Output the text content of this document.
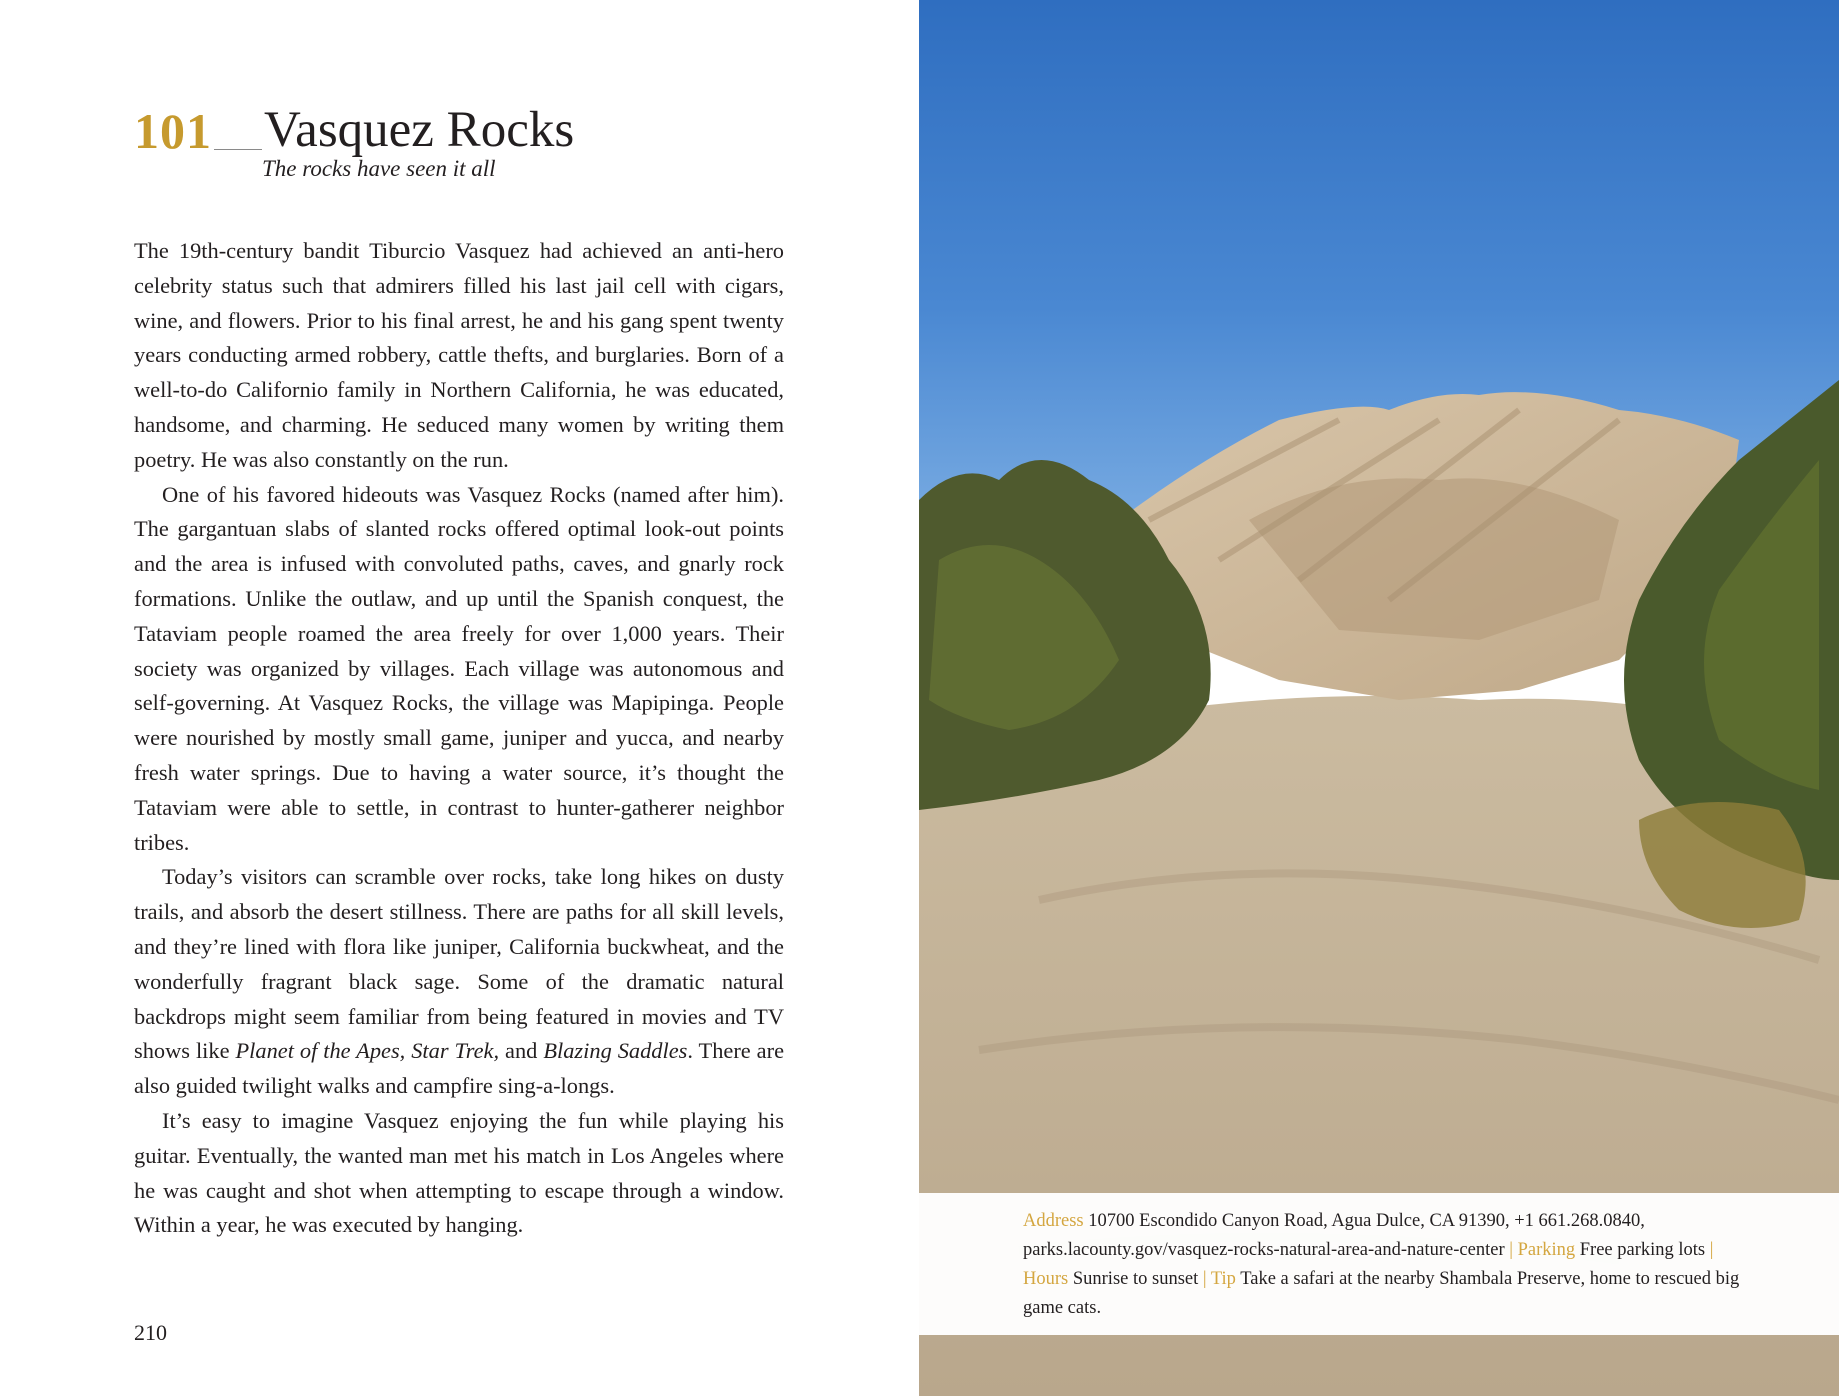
101 Vasquez Rocks
The rocks have seen it all

The 19th-century bandit Tiburcio Vasquez had achieved an anti-hero celebrity status such that admirers filled his last jail cell with cigars, wine, and flowers. Prior to his final arrest, he and his gang spent twenty years conducting armed robbery, cattle thefts, and burglaries. Born of a well-to-do Californio family in Northern California, he was educated, handsome, and charming. He seduced many women by writing them poetry. He was also constantly on the run.

One of his favored hideouts was Vasquez Rocks (named after him). The gargantuan slabs of slanted rocks offered optimal look-out points and the area is infused with convoluted paths, caves, and gnarly rock formations. Unlike the outlaw, and up until the Spanish conquest, the Tataviam people roamed the area freely for over 1,000 years. Their society was organized by villages. Each village was autonomous and self-governing. At Vasquez Rocks, the village was Mapipinga. People were nourished by mostly small game, juniper and yucca, and nearby fresh water springs. Due to having a water source, it’s thought the Tataviam were able to settle, in contrast to hunter-gatherer neighbor tribes.

Today’s visitors can scramble over rocks, take long hikes on dusty trails, and absorb the desert stillness. There are paths for all skill levels, and they’re lined with flora like juniper, California buckwheat, and the wonderfully fragrant black sage. Some of the dramatic natural backdrops might seem familiar from being featured in movies and TV shows like Planet of the Apes, Star Trek, and Blazing Saddles. There are also guided twilight walks and campfire sing-a-longs.

It’s easy to imagine Vasquez enjoying the fun while playing his guitar. Eventually, the wanted man met his match in Los Angeles where he was caught and shot when attempting to escape through a window. Within a year, he was executed by hanging.

210
Address 10700 Escondido Canyon Road, Agua Dulce, CA 91390, +1 661.268.0840, parks.lacounty.gov/vasquez-rocks-natural-area-and-nature-center | Parking Free parking lots | Hours Sunrise to sunset | Tip Take a safari at the nearby Shambala Preserve, home to rescued big game cats.
